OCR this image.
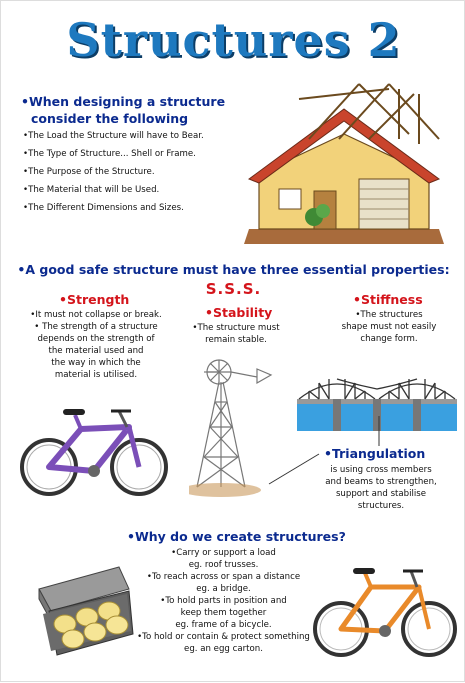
Structures 2
•When designing a structure
consider the following
•The Load the Structure will have to Bear.
•The Type of Structure... Shell or Frame.
•The Purpose of the Structure.
•The Material that will be Used.
•The Different Dimensions and Sizes.
•A good safe structure must have three essential properties:
S.S.S.
•Strength
•It must not collapse or break.
• The strength of a structure
depends on the strength of
the material used and
the way in which the
material is utilised.
•Stability
•The structure must
remain stable.
•Stiffness
•The structures
shape must not easily
change form.
•Triangulation
is using cross members
and beams to strengthen,
support and stabilise
structures.
•Why do we create structures?
•Carry or support a load
eg. roof trusses.
•To reach across or span a distance
eg. a bridge.
•To hold parts in position and
keep them together
eg. frame of a bicycle.
•To hold or contain & protect something
eg. an egg carton.
